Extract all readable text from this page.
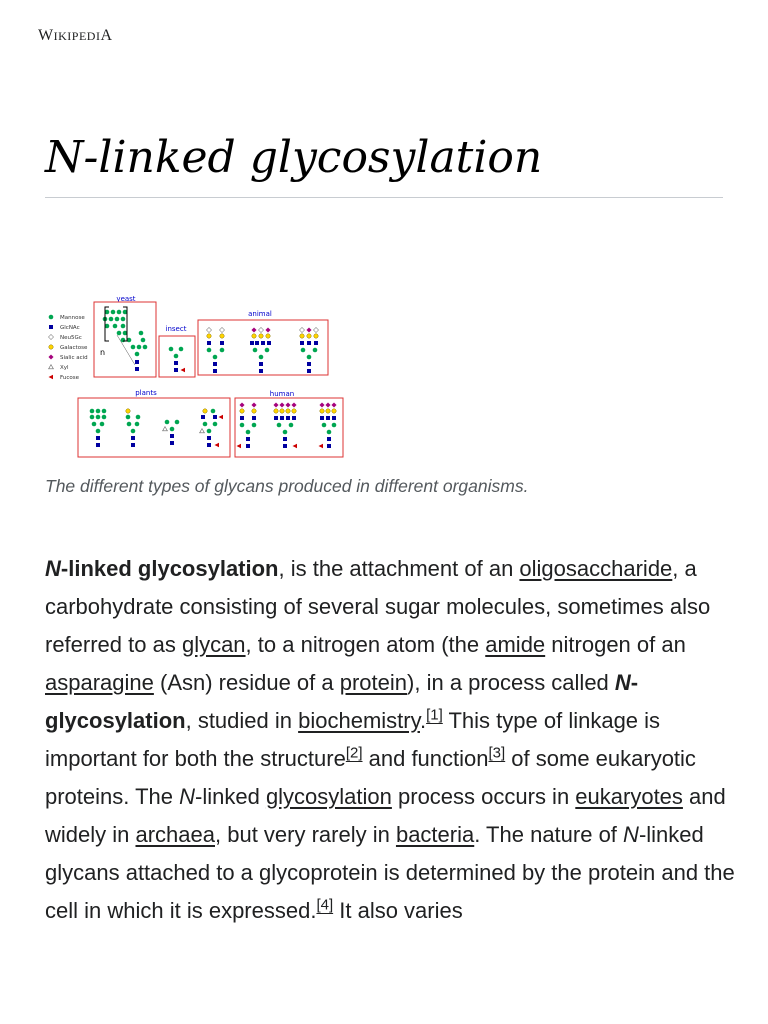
WIKIPEDIA
N-linked glycosylation
Mannose
GlcNAc
Neu5Gc
Galactose
Sialic acid
Xyl
Fucose
yeast
insect
animal
plants	human
n
The different types of glycans produced in different organisms.
N-linked glycosylation, is the attachment of an oligosaccharide, a carbohydrate consisting of several sugar molecules, sometimes also referred to as glycan, to a nitrogen atom (the amide nitrogen of an asparagine (Asn) residue of a protein), in a process called N-glycosylation, studied in biochemistry.[1] This type of linkage is important for both the structure[2] and function[3] of some eukaryotic proteins. The N-linked glycosylation process occurs in eukaryotes and widely in archaea, but very rarely in bacteria. The nature of N-linked glycans attached to a glycoprotein is determined by the protein and the cell in which it is expressed.[4] It also varies
